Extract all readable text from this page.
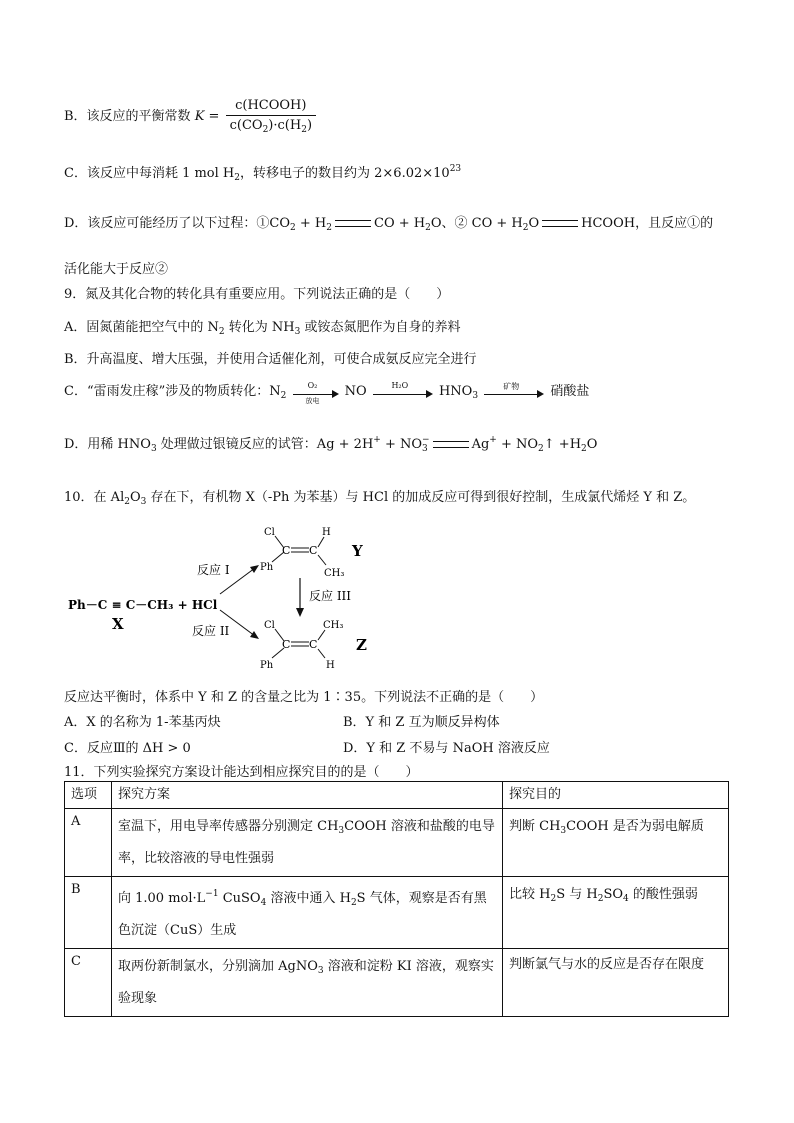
B．该反应的平衡常数 $K = \frac{\text{c(HCOOH)}}{c(CO_2)\cdot c(H_2)}$
C．该反应中每消耗 1 mol $H_2$，转移电子的数目约为 $2\times 6.02\times 10^{23}$
D．该反应可能经历了以下过程：$①CO_2 + H_2$	CO + $H_2O$、② CO + $H_2O$	HCOOH，且反应①的
活化能大于反应②
9．氮及其化合物的转化具有重要应用。下列说法正确的是（　　）
A．固氮菌能把空气中的 $N_2$ 转化为 $NH_3$ 或铵态氮肥作为自身的养料
B．升高温度、增大压强，并使用合适催化剂，可使合成氨反应完全进行
C．“雷雨发庄稼”涉及的物质转化：$N_2$
O₂
放电
NO	H₂O	$HNO_3$
矿物	硝酸盐
D．用稀 $HNO_3$ 处理做过银镜反应的试管：Ag + 2H+ + NO −
3	$Ag^+ + NO_2↑ +H_2O$
10．在 $Al_2O_3$ 存在下，有机物 X（-Ph 为苯基）与 HCl 的加成反应可得到很好控制，生成氯代烯烃 Y 和 Z。
Ph－C ≡ C－CH₃ + HCl
X
反应 I
反应 II
Cl
Ph
C C
H
CH₃
Y
反应 III
Cl
Ph
C C
CH₃
H
Z
反应达平衡时，体系中 Y 和 Z 的含量之比为 1∶35。下列说法不正确的是（　　）
A．X 的名称为 1-苯基丙炔	B．Y 和 Z 互为顺反异构体
C．反应Ⅲ的 ΔH > 0	D．Y 和 Z 不易与 NaOH 溶液反应
11．下列实验探究方案设计能达到相应探究目的的是（　　）
选项	探究方案	探究目的
A	室温下，用电导率传感器分别测定 $CH_3COOH$ 溶液和盐酸的电导率，比较溶液的导电性强弱	判断 $CH_3COOH$ 是否为弱电解质
B	向 1.00 $mol\cdot L^{-1}$ CuSO$_4$ 溶液中通入 $H_2S$ 气体，观察是否有黑色沉淀（CuS）生成	比较 $H_2S$ 与 $H_2SO_4$ 的酸性强弱
C	取两份新制氯水，分别滴加 AgNO$_3$ 溶液和淀粉 KI 溶液，观察实验现象	判断氯气与水的反应是否存在限度
